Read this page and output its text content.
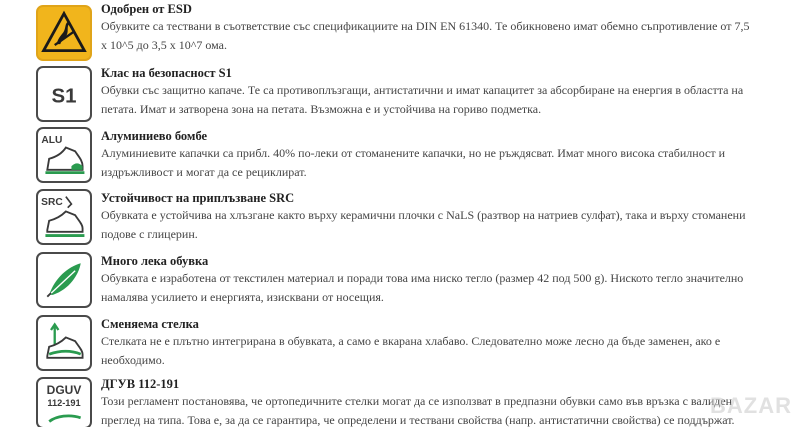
Одобрен от ESD
Обувките са тествани в съответствие със спецификациите на DIN EN 61340. Те обикновено имат обемно съпротивление от 7,5 x 10^5 до 3,5 x 10^7 ома.
S1
Клас на безопасност S1
Обувки със защитно капаче. Те са противоплъзгащи, антистатични и имат капацитет за абсорбиране на енергия в областта на петата. Имат и затворена зона на петата. Възможна е и устойчива на гориво подметка.
ALU	Алуминиево бомбе
Алуминиевите капачки са прибл. 40% по-леки от стоманените капачки, но не ръждясват. Имат много висока стабилност и издръжливост и могат да се рециклират.
SRC	Устойчивост на приплъзване SRC
Обувката е устойчива на хлъзгане както върху керамични плочки с NaLS (разтвор на натриев сулфат), така и върху стоманени подове с глицерин.
Много лека обувка
Обувката е изработена от текстилен материал и поради това има ниско тегло (размер 42 под 500 g). Ниското тегло значително намалява усилието и енергията, изисквани от носещия.
Сменяема стелка
Стелката не е плътно интегрирана в обувката, а само е вкарана хлабаво. Следователно може лесно да бъде заменен, ако е необходимо.
DGUV
112-191
ДГУВ 112-191
Този регламент постановява, че ортопедичните стелки могат да се използват в предпазни обувки само във връзка с валиден преглед на типа. Това е, за да се гарантира, че определени и тествани свойства (напр. антистатични свойства) се поддържат.
BAZAR
